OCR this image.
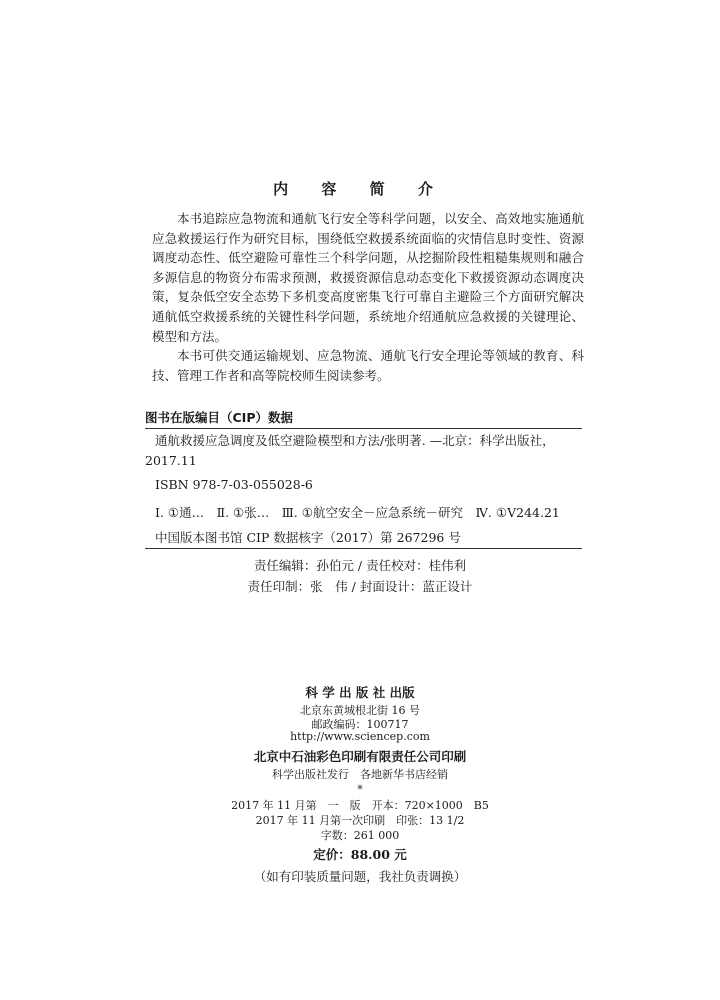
内 容 简 介

本书追踪应急物流和通航飞行安全等科学问题，以安全、高效地实施通航应急救援运行作为研究目标，围绕低空救援系统面临的灾情信息时变性、资源调度动态性、低空避险可靠性三个科学问题，从挖掘阶段性粗糙集规则和融合多源信息的物资分布需求预测，救援资源信息动态变化下救援资源动态调度决策，复杂低空安全态势下多机变高度密集飞行可靠自主避险三个方面研究解决通航低空救援系统的关键性科学问题，系统地介绍通航应急救援的关键理论、模型和方法。

本书可供交通运输规划、应急物流、通航飞行安全理论等领域的教育、科技、管理工作者和高等院校师生阅读参考。

图书在版编目（CIP）数据
通航救援应急调度及低空避险模型和方法/张明著. —北京：科学出版社，
2017.11
ISBN 978-7-03-055028-6
Ⅰ. ①通…　Ⅱ. ①张…　Ⅲ. ①航空安全－应急系统－研究　Ⅳ. ①V244.21
中国版本图书馆 CIP 数据核字（2017）第 267296 号
责任编辑：孙伯元 / 责任校对：桂伟利
责任印制：张　伟 / 封面设计：蓝正设计
科 学 出 版 社 出版
北京东黄城根北街 16 号
邮政编码：100717
http://www.sciencep.com
北京中石油彩色印刷有限责任公司印刷
科学出版社发行　各地新华书店经销
*
2017 年 11 月第　一　版　开本：720×1000　B5
2017 年 11 月第一次印刷　印张：13 1/2
字数：261 000
定价：88.00 元
（如有印装质量问题，我社负责调换）
